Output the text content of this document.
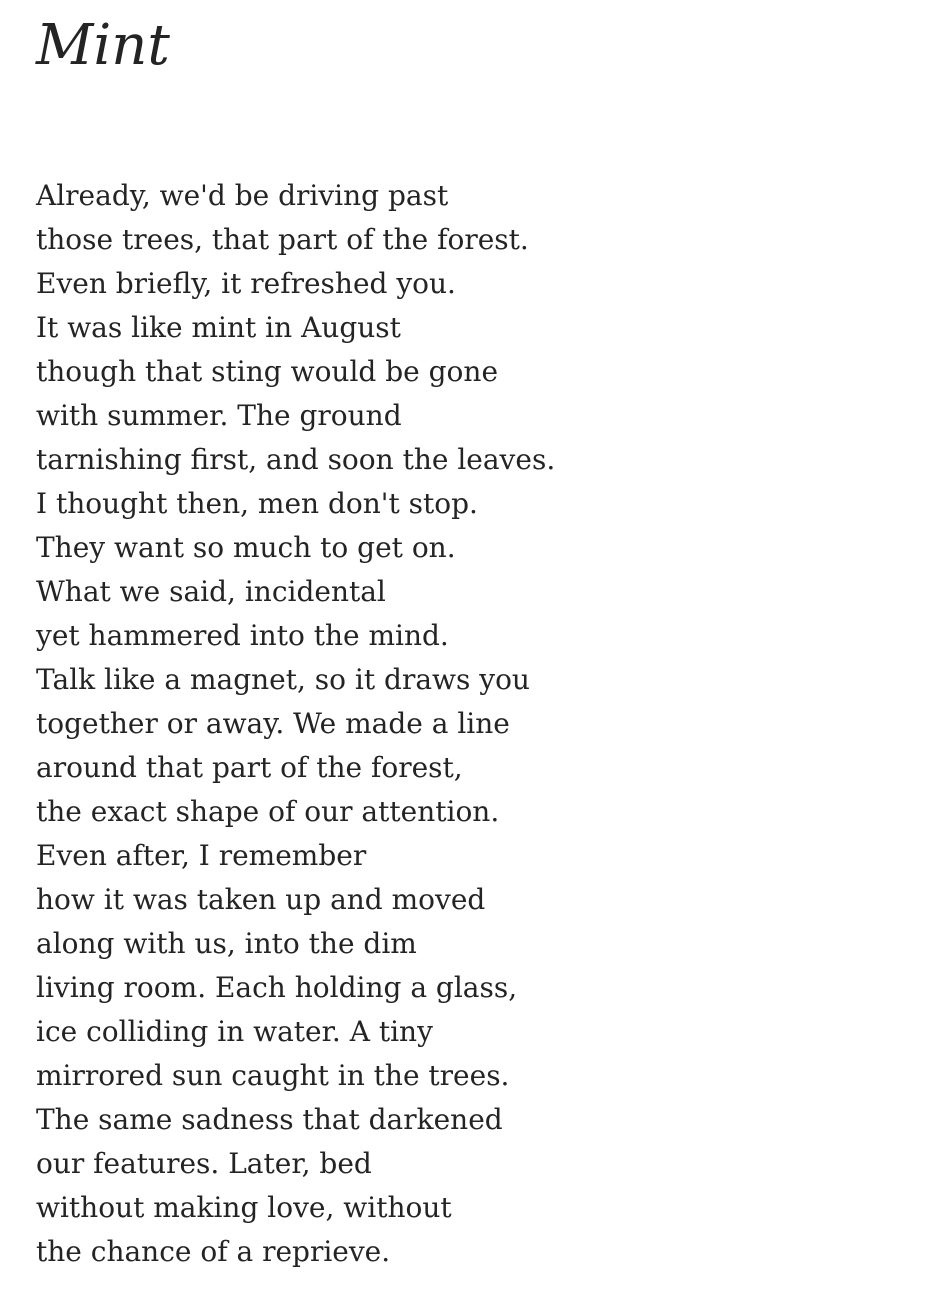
Mint
Already, we'd be driving past
those trees, that part of the forest.
Even briefly, it refreshed you.
It was like mint in August
though that sting would be gone
with summer. The ground
tarnishing first, and soon the leaves.
I thought then, men don't stop.
They want so much to get on.
What we said, incidental
yet hammered into the mind.
Talk like a magnet, so it draws you
together or away. We made a line
around that part of the forest,
the exact shape of our attention.
Even after, I remember
how it was taken up and moved
along with us, into the dim
living room. Each holding a glass,
ice colliding in water. A tiny
mirrored sun caught in the trees.
The same sadness that darkened
our features. Later, bed
without making love, without
the chance of a reprieve.
